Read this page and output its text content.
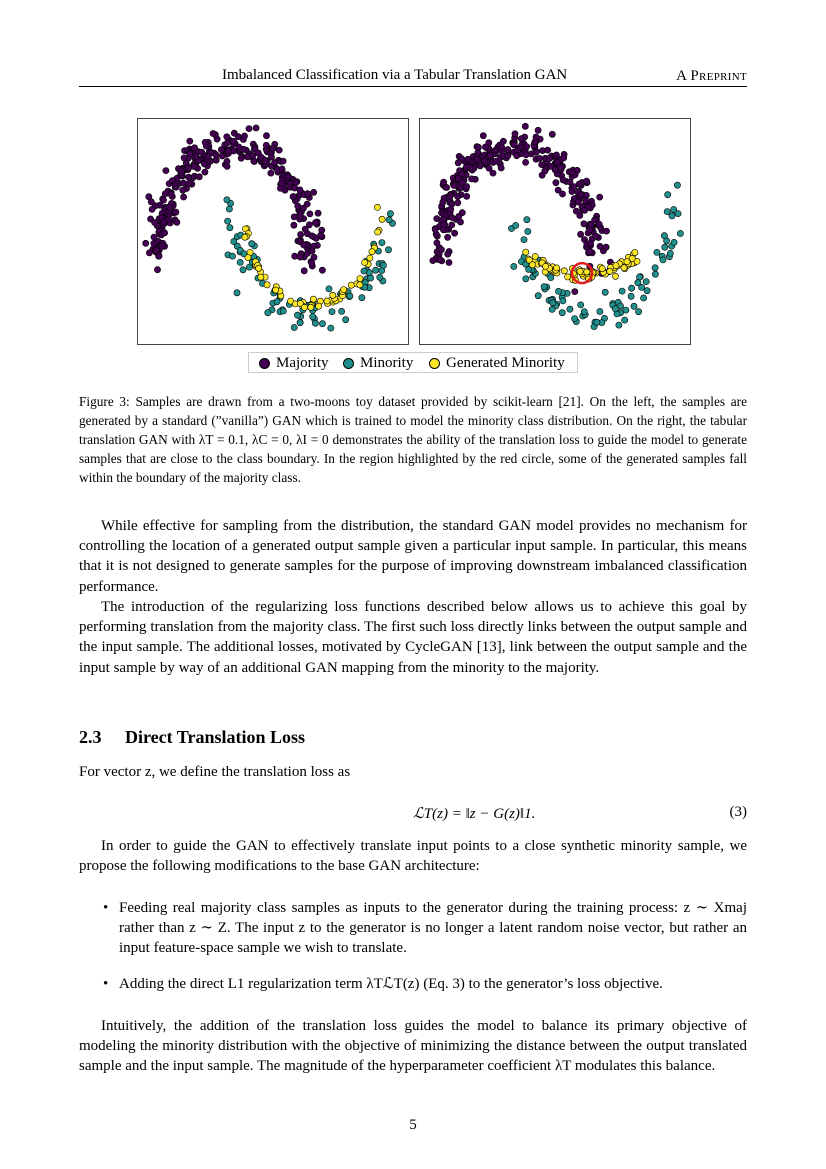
Imbalanced Classification via a Tabular Translation GAN	A Preprint
Majority Minority Generated Minority
Figure 3: Samples are drawn from a two-moons toy dataset provided by scikit-learn [21]. On the left, the samples are generated by a standard (”vanilla”) GAN which is trained to model the minority class distribution. On the right, the tabular translation GAN with λT = 0.1, λC = 0, λI = 0 demonstrates the ability of the translation loss to guide the model to generate samples that are close to the class boundary. In the region highlighted by the red circle, some of the generated samples fall within the boundary of the majority class.
While effective for sampling from the distribution, the standard GAN model provides no mechanism for controlling the location of a generated output sample given a particular input sample. In particular, this means that it is not designed to generate samples for the purpose of improving downstream imbalanced classification performance.
The introduction of the regularizing loss functions described below allows us to achieve this goal by performing translation from the majority class. The first such loss directly links between the output sample and the input sample. The additional losses, motivated by CycleGAN [13], link between the output sample and the input sample by way of an additional GAN mapping from the minority to the majority.
2.3 Direct Translation Loss
For vector z, we define the translation loss as
ℒT(z) = ‖z − G(z)‖1.	(3)
In order to guide the GAN to effectively translate input points to a close synthetic minority sample, we propose the following modifications to the base GAN architecture:
• Feeding real majority class samples as inputs to the generator during the training process: z ∼ Xmaj rather than z ∼ Z. The input z to the generator is no longer a latent random noise vector, but rather an input feature-space sample we wish to translate.
• Adding the direct L1 regularization term λTℒT(z) (Eq. 3) to the generator’s loss objective.
Intuitively, the addition of the translation loss guides the model to balance its primary objective of modeling the minority distribution with the objective of minimizing the distance between the output translated sample and the input sample. The magnitude of the hyperparameter coefficient λT modulates this balance.
5
